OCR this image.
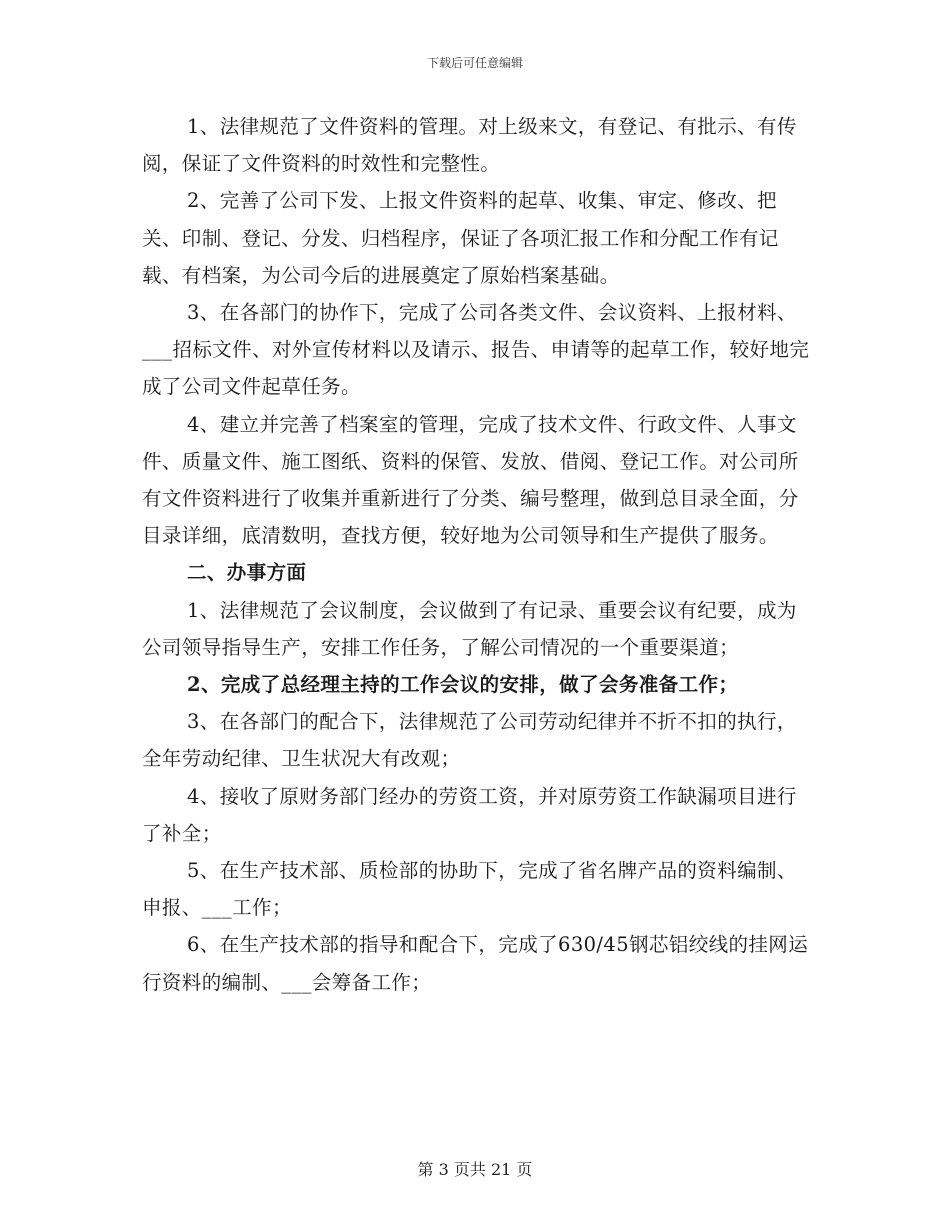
下载后可任意编辑

1、法律规范了文件资料的管理。对上级来文，有登记、有批示、有传阅，保证了文件资料的时效性和完整性。

2、完善了公司下发、上报文件资料的起草、收集、审定、修改、把关、印制、登记、分发、归档程序，保证了各项汇报工作和分配工作有记载、有档案，为公司今后的进展奠定了原始档案基础。

3、在各部门的协作下，完成了公司各类文件、会议资料、上报材料、___招标文件、对外宣传材料以及请示、报告、申请等的起草工作，较好地完成了公司文件起草任务。

4、建立并完善了档案室的管理，完成了技术文件、行政文件、人事文件、质量文件、施工图纸、资料的保管、发放、借阅、登记工作。对公司所有文件资料进行了收集并重新进行了分类、编号整理，做到总目录全面，分目录详细，底清数明，查找方便，较好地为公司领导和生产提供了服务。

二、办事方面

1、法律规范了会议制度，会议做到了有记录、重要会议有纪要，成为公司领导指导生产，安排工作任务，了解公司情况的一个重要渠道；

2、完成了总经理主持的工作会议的安排，做了会务准备工作；

3、在各部门的配合下，法律规范了公司劳动纪律并不折不扣的执行，全年劳动纪律、卫生状况大有改观；

4、接收了原财务部门经办的劳资工资，并对原劳资工作缺漏项目进行了补全；

5、在生产技术部、质检部的协助下，完成了省名牌产品的资料编制、申报、___工作；

6、在生产技术部的指导和配合下，完成了630/45钢芯铝绞线的挂网运行资料的编制、___会筹备工作；

第 3 页共 21 页
